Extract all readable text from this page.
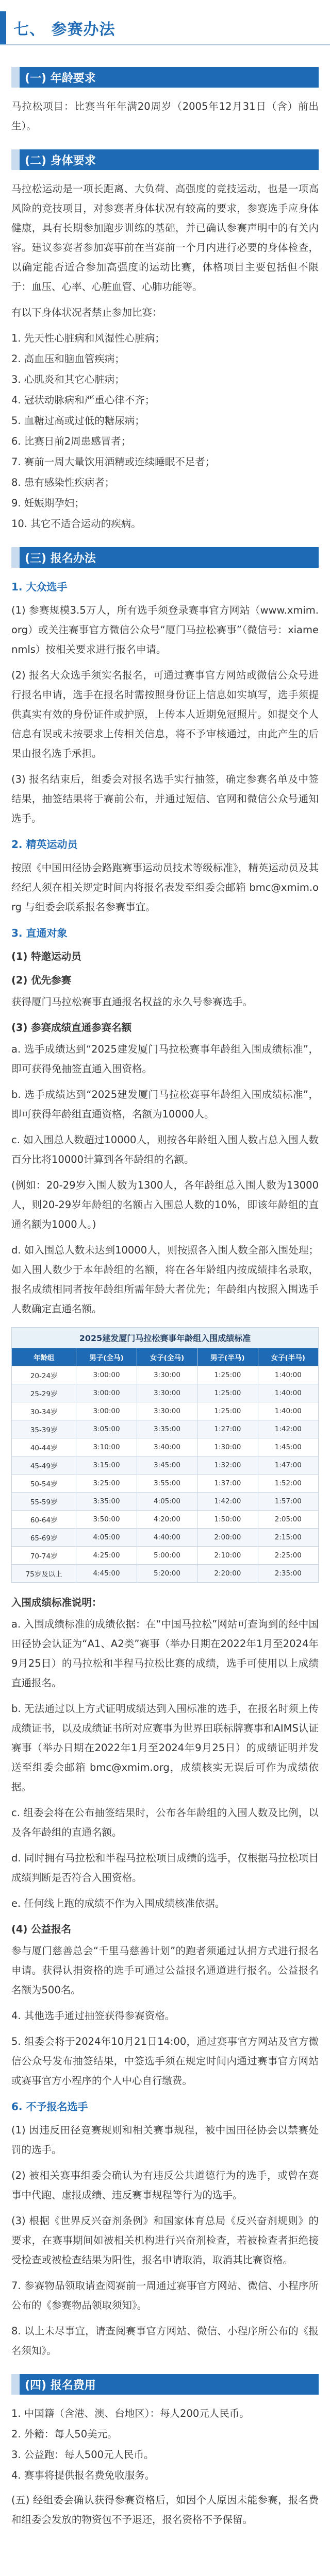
七、 参赛办法
(一) 年龄要求

马拉松项目：比赛当年年满20周岁（2005年12月31日（含）前出生）。

(二) 身体要求

马拉松运动是一项长距离、大负荷、高强度的竞技运动，也是一项高风险的竞技项目，对参赛者身体状况有较高的要求，参赛选手应身体健康，具有长期参加跑步训练的基础，并已确认参赛声明中的有关内容。建议参赛者参加赛事前在当赛前一个月内进行必要的身体检查，以确定能否适合参加高强度的运动比赛，体格项目主要包括但不限于：血压、心率、心脏血管、心肺功能等。

有以下身体状况者禁止参加比赛：

1. 先天性心脏病和风湿性心脏病；

2. 高血压和脑血管疾病；

3. 心肌炎和其它心脏病；

4. 冠状动脉病和严重心律不齐；

5. 血糖过高或过低的糖尿病；

6. 比赛日前2周患感冒者；

7. 赛前一周大量饮用酒精或连续睡眠不足者；

8. 患有感染性疾病者；

9. 妊娠期孕妇；

10. 其它不适合运动的疾病。

(三) 报名办法
1. 大众选手

(1) 参赛规模3.5万人，所有选手须登录赛事官方网站（www.xmim.org）或关注赛事官方微信公众号“厦门马拉松赛事”（微信号：xiamenmls）按相关要求进行报名申请。

(2) 报名大众选手须实名报名，可通过赛事官方网站或微信公众号进行报名申请，选手在报名时需按照身份证上信息如实填写，选手须提供真实有效的身份证件或护照，上传本人近期免冠照片。如提交个人信息有误或未按要求上传相关信息，将不予审核通过，由此产生的后果由报名选手承担。

(3) 报名结束后，组委会对报名选手实行抽签，确定参赛名单及中签结果，抽签结果将于赛前公布，并通过短信、官网和微信公众号通知选手。

2. 精英运动员

按照《中国田径协会路跑赛事运动员技术等级标准》，精英运动员及其经纪人须在相关规定时间内将报名表发至组委会邮箱 bmc@xmim.org 与组委会联系报名参赛事宜。

3. 直通对象
(1) 特邀运动员
(2) 优先参赛

获得厦门马拉松赛事直通报名权益的永久号参赛选手。

(3) 参赛成绩直通参赛名额

a. 选手成绩达到“2025建发厦门马拉松赛事年龄组入围成绩标准”，即可获得免抽签直通入围资格。

b. 选手成绩达到“2025建发厦门马拉松赛事年龄组入围成绩标准”，即可获得年龄组直通资格，名额为10000人。

c. 如入围总人数超过10000人，则按各年龄组入围人数占总入围人数百分比将10000计算到各年龄组的名额。

(例如：20-29岁入围人数为1300人，各年龄组总入围人数为13000人，则20-29岁年龄组的名额占入围总人数的10%，即该年龄组的直通名额为1000人。)

d. 如入围总人数未达到10000人，则按照各入围人数全部入围处理；如入围人数少于本年龄组的名额，将在各年龄组内按成绩排名录取，报名成绩相同者按年龄组所需年龄大者优先；年龄组内按照入围选手人数确定直通名额。

2025建发厦门马拉松赛事年龄组入围成绩标准
年龄组	男子(全马)	女子(全马)	男子(半马)	女子(半马)
20-24岁	3:00:00	3:30:00	1:25:00	1:40:00
25-29岁	3:00:00	3:30:00	1:25:00	1:40:00
30-34岁	3:00:00	3:30:00	1:25:00	1:40:00
35-39岁	3:05:00	3:35:00	1:27:00	1:42:00
40-44岁	3:10:00	3:40:00	1:30:00	1:45:00
45-49岁	3:15:00	3:45:00	1:32:00	1:47:00
50-54岁	3:25:00	3:55:00	1:37:00	1:52:00
55-59岁	3:35:00	4:05:00	1:42:00	1:57:00
60-64岁	3:50:00	4:20:00	1:50:00	2:05:00
65-69岁	4:05:00	4:40:00	2:00:00	2:15:00
70-74岁	4:25:00	5:00:00	2:10:00	2:25:00
75岁及以上	4:45:00	5:20:00	2:20:00	2:35:00
入围成绩标准说明：

a. 入围成绩标准的成绩依据：在“中国马拉松”网站可查询到的经中国田径协会认证为“A1、A2类”赛事（举办日期在2022年1月至2024年9月25日）的马拉松和半程马拉松比赛的成绩，选手可使用以上成绩直通报名。

b. 无法通过以上方式证明成绩达到入围标准的选手，在报名时须上传成绩证书，以及成绩证书所对应赛事为世界田联标牌赛事和AIMS认证赛事（举办日期在2022年1月至2024年9月25日）的成绩证明并发送至组委会邮箱 bmc@xmim.org，成绩核实无误后可作为成绩依据。

c. 组委会将在公布抽签结果时，公布各年龄组的入围人数及比例，以及各年龄组的直通名额。

d. 同时拥有马拉松和半程马拉松项目成绩的选手，仅根据马拉松项目成绩判断是否符合入围资格。

e. 任何线上跑的成绩不作为入围成绩核准依据。

(4) 公益报名

参与厦门慈善总会“千里马慈善计划”的跑者须通过认捐方式进行报名申请。获得认捐资格的选手可通过公益报名通道进行报名。公益报名名额为500名。

4. 其他选手通过抽签获得参赛资格。

5. 组委会将于2024年10月21日14:00，通过赛事官方网站及官方微信公众号发布抽签结果，中签选手须在规定时间内通过赛事官方网站或赛事官方小程序的个人中心自行缴费。

6. 不予报名选手

(1) 因违反田径竞赛规则和相关赛事规程，被中国田径协会以禁赛处罚的选手。

(2) 被相关赛事组委会确认为有违反公共道德行为的选手，或曾在赛事中代跑、虚报成绩、违反赛事规程等行为的选手。

(3) 根据《世界反兴奋剂条例》和国家体育总局《反兴奋剂规则》的要求，在赛事期间如被相关机构进行兴奋剂检查，若被检查者拒绝接受检查或被检查结果为阳性，报名申请取消，取消其比赛资格。

7. 参赛物品领取请查阅赛前一周通过赛事官方网站、微信、小程序所公布的《参赛物品领取须知》。

8. 以上未尽事宜，请查阅赛事官方网站、微信、小程序所公布的《报名须知》。

(四) 报名费用

1. 中国籍（含港、澳、台地区）：每人200元人民币。

2. 外籍：每人50美元。

3. 公益跑：每人500元人民币。

4. 赛事将提供报名费免收服务。

(五) 经组委会确认获得参赛资格后，如因个人原因未能参赛，报名费和组委会发放的物资包不予退还，报名资格不予保留。
